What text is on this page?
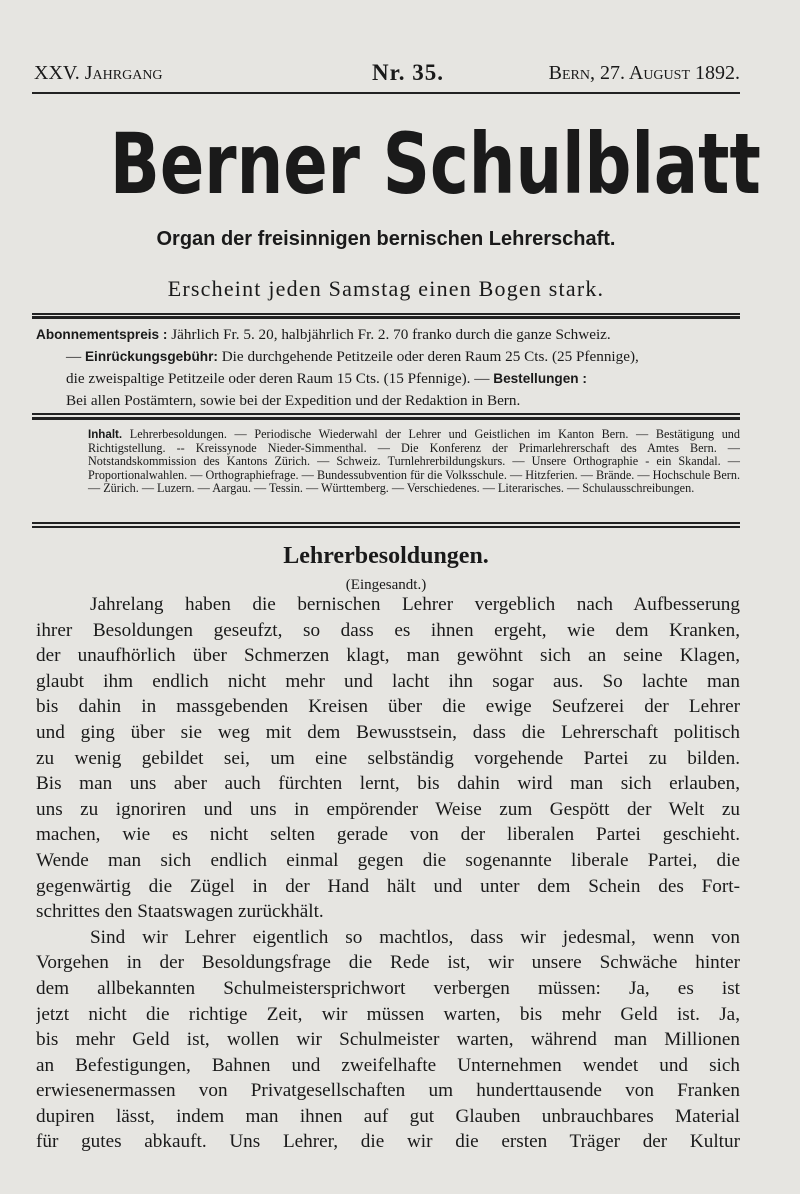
XXV. Jahrgang	Nr. 35.	Bern, 27. August 1892.
Berner Schulblatt
Organ der freisinnigen bernischen Lehrerschaft.
Erscheint jeden Samstag einen Bogen stark.
Abonnementspreis : Jährlich Fr. 5. 20, halbjährlich Fr. 2. 70 franko durch die ganze Schweiz.
— Einrückungsgebühr: Die durchgehende Petitzeile oder deren Raum 25 Cts. (25 Pfennige),
die zweispaltige Petitzeile oder deren Raum 15 Cts. (15 Pfennige). — Bestellungen :
Bei allen Postämtern, sowie bei der Expedition und der Redaktion in Bern.
Inhalt. Lehrerbesoldungen. — Periodische Wiederwahl der Lehrer und Geistlichen im Kanton Bern. — Bestätigung und Richtigstellung. -- Kreissynode Nieder-Simmenthal. — Die Konferenz der Primarlehrerschaft des Amtes Bern. — Notstandskommission des Kantons Zürich. — Schweiz. Turnlehrerbildungskurs. — Unsere Orthographie - ein Skandal. — Proportionalwahlen. — Orthographiefrage. — Bundessubvention für die Volksschule. — Hitzferien. — Brände. — Hochschule Bern. — Zürich. — Luzern. — Aargau. — Tessin. — Württemberg. — Verschiedenes. — Literarisches. — Schulausschreibungen.
Lehrerbesoldungen.
(Eingesandt.)
Jahrelang haben die bernischen Lehrer vergeblich nach Aufbesserung
ihrer Besoldungen geseufzt, so dass es ihnen ergeht, wie dem Kranken,
der unaufhörlich über Schmerzen klagt, man gewöhnt sich an seine Klagen,
glaubt ihm endlich nicht mehr und lacht ihn sogar aus. So lachte man
bis dahin in massgebenden Kreisen über die ewige Seufzerei der Lehrer
und ging über sie weg mit dem Bewusstsein, dass die Lehrerschaft politisch
zu wenig gebildet sei, um eine selbständig vorgehende Partei zu bilden.
Bis man uns aber auch fürchten lernt, bis dahin wird man sich erlauben,
uns zu ignoriren und uns in empörender Weise zum Gespött der Welt zu
machen, wie es nicht selten gerade von der liberalen Partei geschieht.
Wende man sich endlich einmal gegen die sogenannte liberale Partei, die
gegenwärtig die Zügel in der Hand hält und unter dem Schein des Fort-
schrittes den Staatswagen zurückhält.
Sind wir Lehrer eigentlich so machtlos, dass wir jedesmal, wenn von
Vorgehen in der Besoldungsfrage die Rede ist, wir unsere Schwäche hinter
dem allbekannten Schulmeistersprichwort verbergen müssen: Ja, es ist
jetzt nicht die richtige Zeit, wir müssen warten, bis mehr Geld ist. Ja,
bis mehr Geld ist, wollen wir Schulmeister warten, während man Millionen
an Befestigungen, Bahnen und zweifelhafte Unternehmen wendet und sich
erwiesenermassen von Privatgesellschaften um hunderttausende von Franken
dupiren lässt, indem man ihnen auf gut Glauben unbrauchbares Material
für gutes abkauft. Uns Lehrer, die wir die ersten Träger der Kultur
